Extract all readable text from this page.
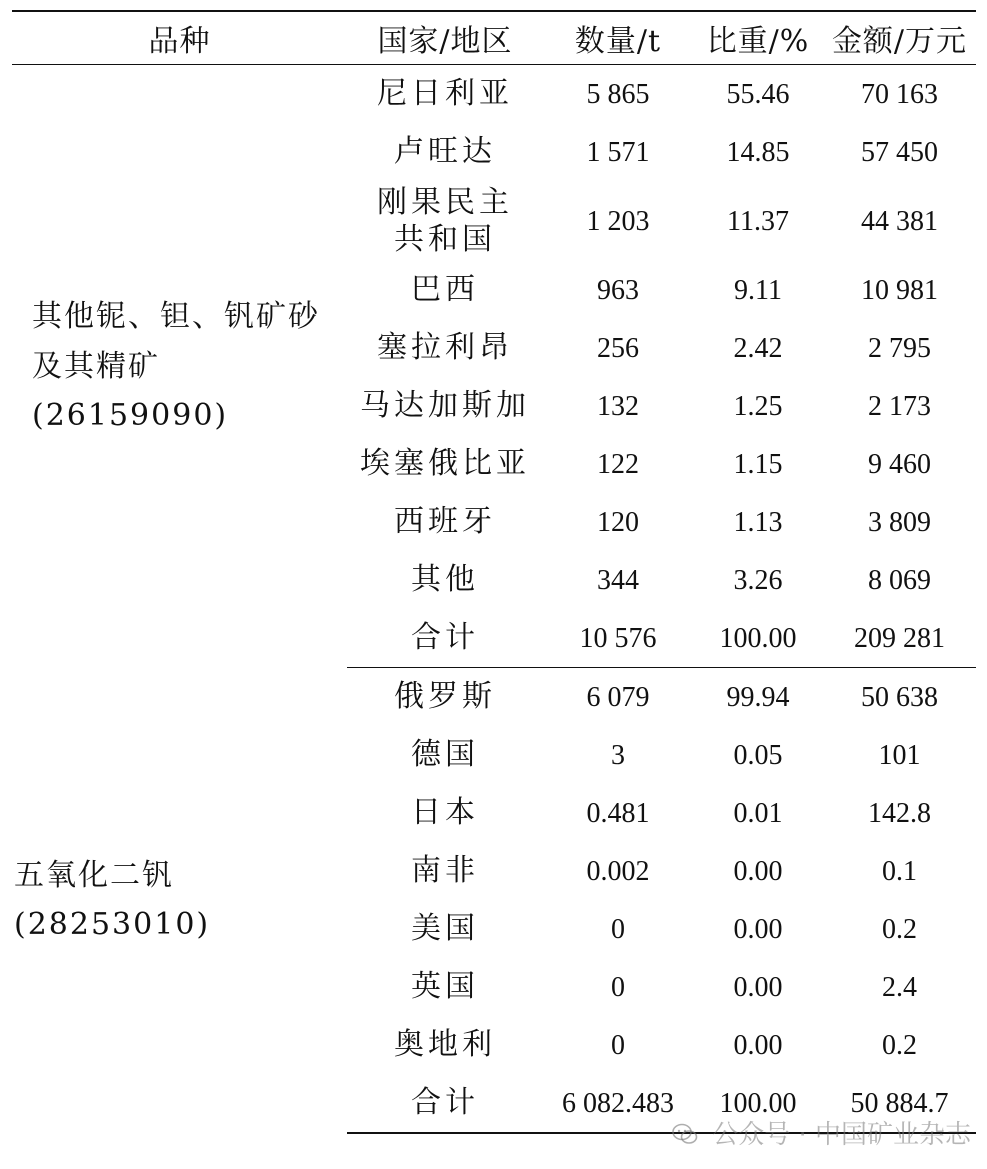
品种	国家/地区	数量/t	比重/%	金额/万元

其他铌、钽、钒矿砂
及其精矿(26159090)	尼日利亚	5 865	55.46	70 163
	卢旺达	1 571	14.85	57 450

	刚果民主
共和国	1 203	11.37	44 381
	巴西	963	9.11	10 981
	塞拉利昂	256	2.42	2 795
	马达加斯加	132	1.25	2 173
	埃塞俄比亚	122	1.15	9 460
	西班牙	120	1.13	3 809
	其他	344	3.26	8 069
	合计	10 576	100.00	209 281
五氧化二钒(28253010)	俄罗斯	6 079	99.94	50 638
	德国	3	0.05	101
	日本	0.481	0.01	142.8
	南非	0.002	0.00	0.1
	美国	0	0.00	0.2
	英国	0	0.00	2.4
	奥地利	0	0.00	0.2
	合计	6 082.483	100.00	50 884.7
公众号 · 中国矿业杂志
